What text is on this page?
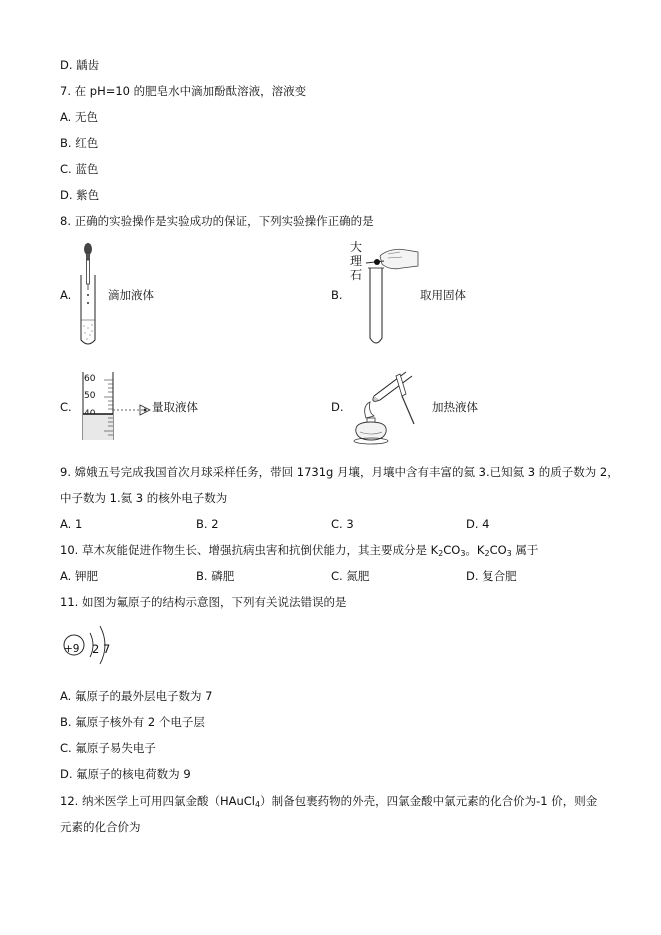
D. 龋齿
7. 在 pH=10 的肥皂水中滴加酚酞溶液，溶液变
A. 无色
B. 红色
C. 蓝色
D. 紫色
8. 正确的实验操作是实验成功的保证，下列实验操作正确的是
A.	滴加液体	B.
大
理
石
取用固体
C.
60
50
量取液体	D.	加热液体
9. 嫦娥五号完成我国首次月球采样任务，带回 1731g 月壤，月壤中含有丰富的氦 3.已知氦 3 的质子数为 2，
中子数为 1.氦 3 的核外电子数为
A. 1	B. 2	C. 3	D. 4
10. 草木灰能促进作物生长、增强抗病虫害和抗倒伏能力，其主要成分是 $K_2CO_3$。$K_2CO_3$ 属于
A. 钾肥	B. 磷肥	C. 氮肥	D. 复合肥
11. 如图为氟原子的结构示意图，下列有关说法错误的是
+9 2 7
A. 氟原子的最外层电子数为 7
B. 氟原子核外有 2 个电子层
C. 氟原子易失电子
D. 氟原子的核电荷数为 9
12. 纳米医学上可用四氯金酸（HAuCl$_4$）制备包裹药物的外壳，四氯金酸中氯元素的化合价为-1 价，则金
元素的化合价为
